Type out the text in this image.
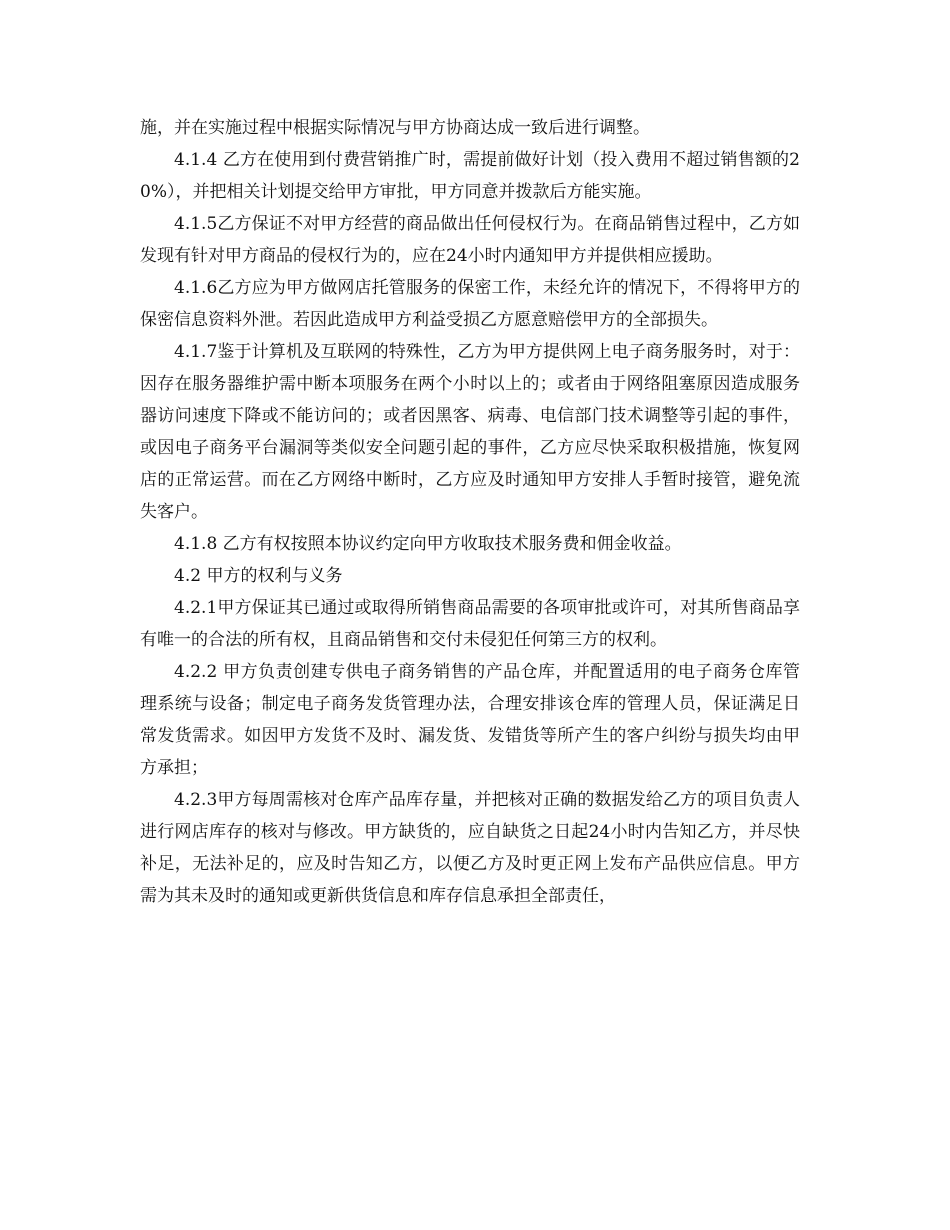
施，并在实施过程中根据实际情况与甲方协商达成一致后进行调整。

4.1.4 乙方在使用到付费营销推广时，需提前做好计划（投入费用不超过销售额的20%），并把相关计划提交给甲方审批，甲方同意并拨款后方能实施。

4.1.5乙方保证不对甲方经营的商品做出任何侵权行为。在商品销售过程中，乙方如发现有针对甲方商品的侵权行为的，应在24小时内通知甲方并提供相应援助。

4.1.6乙方应为甲方做网店托管服务的保密工作，未经允许的情况下，不得将甲方的保密信息资料外泄。若因此造成甲方利益受损乙方愿意赔偿甲方的全部损失。

4.1.7鉴于计算机及互联网的特殊性，乙方为甲方提供网上电子商务服务时，对于：因存在服务器维护需中断本项服务在两个小时以上的；或者由于网络阻塞原因造成服务器访问速度下降或不能访问的；或者因黑客、病毒、电信部门技术调整等引起的事件，或因电子商务平台漏洞等类似安全问题引起的事件，乙方应尽快采取积极措施，恢复网店的正常运营。而在乙方网络中断时，乙方应及时通知甲方安排人手暂时接管，避免流失客户。

4.1.8 乙方有权按照本协议约定向甲方收取技术服务费和佣金收益。

4.2 甲方的权利与义务

4.2.1甲方保证其已通过或取得所销售商品需要的各项审批或许可，对其所售商品享有唯一的合法的所有权，且商品销售和交付未侵犯任何第三方的权利。

4.2.2 甲方负责创建专供电子商务销售的产品仓库，并配置适用的电子商务仓库管理系统与设备；制定电子商务发货管理办法，合理安排该仓库的管理人员，保证满足日常发货需求。如因甲方发货不及时、漏发货、发错货等所产生的客户纠纷与损失均由甲方承担；

4.2.3甲方每周需核对仓库产品库存量，并把核对正确的数据发给乙方的项目负责人进行网店库存的核对与修改。甲方缺货的，应自缺货之日起24小时内告知乙方，并尽快补足，无法补足的，应及时告知乙方，以便乙方及时更正网上发布产品供应信息。甲方需为其未及时的通知或更新供货信息和库存信息承担全部责任，
